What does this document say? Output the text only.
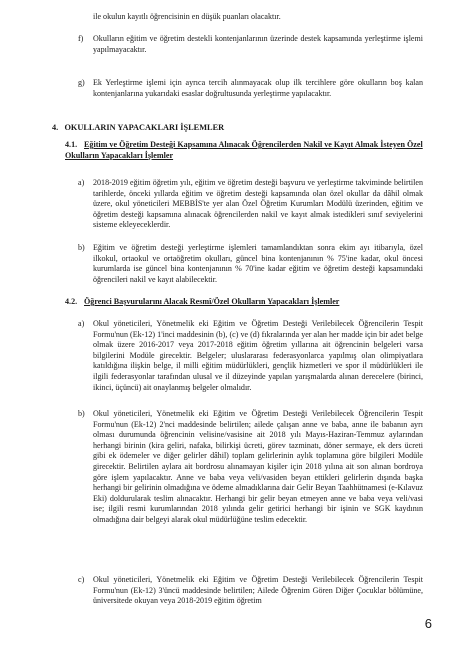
ile okulun kayıtlı öğrencisinin en düşük puanları olacaktır.

f) Okulların eğitim ve öğretim destekli kontenjanlarının üzerinde destek kapsamında yerleştirme işlemi yapılmayacaktır.

g) Ek Yerleştirme işlemi için ayrıca tercih alınmayacak olup ilk tercihlere göre okulların boş kalan kontenjanlarına yukarıdaki esaslar doğrultusunda yerleştirme yapılacaktır.

4.   OKULLARIN YAPACAKLARI İŞLEMLER

4.1. Eğitim ve Öğretim Desteği Kapsamına Alınacak Öğrencilerden Nakil ve Kayıt Almak İsteyen Özel Okulların Yapacakları İşlemler

a) 2018-2019 eğitim öğretim yılı, eğitim ve öğretim desteği başvuru ve yerleştirme takviminde belirtilen tarihlerde, önceki yıllarda eğitim ve öğretim desteği kapsamında olan özel okullar da dâhil olmak üzere, okul yöneticileri MEBBİS'te yer alan Özel Öğretim Kurumları Modülü üzerinden, eğitim ve öğretim desteği kapsamına alınacak öğrencilerden nakil ve kayıt almak istedikleri sınıf seviyelerini sisteme ekleyeceklerdir.

b) Eğitim ve öğretim desteği yerleştirme işlemleri tamamlandıktan sonra ekim ayı itibarıyla, özel ilkokul, ortaokul ve ortaöğretim okulları, güncel bina kontenjanının % 75'ine kadar, okul öncesi kurumlarda ise güncel bina kontenjanının % 70'ine kadar eğitim ve öğretim desteği kapsamındaki öğrencileri nakil ve kayıt alabilecektir.

4.2. Öğrenci Başvurularını Alacak Resmî/Özel Okulların Yapacakları İşlemler

a) Okul yöneticileri, Yönetmelik eki Eğitim ve Öğretim Desteği Verilebilecek Öğrencilerin Tespit Formu'nun (Ek-12) 1'inci maddesinin (b), (c) ve (d) fıkralarında yer alan her madde için bir adet belge olmak üzere 2016-2017 veya 2017-2018 eğitim öğretim yıllarına ait öğrencinin belgeleri varsa bilgilerini Modüle girecektir. Belgeler; uluslararası federasyonlarca yapılmış olan olimpiyatlara katıldığına ilişkin belge, il milli eğitim müdürlükleri, gençlik hizmetleri ve spor il müdürlükleri ile ilgili federasyonlar tarafından ulusal ve il düzeyinde yapılan yarışmalarda alınan derecelere (birinci, ikinci, üçüncü) ait onaylanmış belgeler olmalıdır.

b) Okul yöneticileri, Yönetmelik eki Eğitim ve Öğretim Desteği Verilebilecek Öğrencilerin Tespit Formu'nun (Ek-12) 2'nci maddesinde belirtilen; ailede çalışan anne ve baba, anne ile babanın ayrı olması durumunda öğrencinin velisine/vasisine ait 2018 yılı Mayıs-Haziran-Temmuz aylarından herhangi birinin (kira geliri, nafaka, bilirkişi ücreti, görev tazminatı, döner sermaye, ek ders ücreti gibi ek ödemeler ve diğer gelirler dâhil) toplam gelirlerinin aylık toplamına göre bilgileri Modüle girecektir. Belirtilen aylara ait bordrosu alınamayan kişiler için 2018 yılına ait son alınan bordroya göre işlem yapılacaktır. Anne ve baba veya veli/vasiden beyan ettikleri gelirlerin dışında başka herhangi bir gelirinin olmadığına ve ödeme almadıklarına dair Gelir Beyan Taahhütnamesi (e-Kılavuz Eki) doldurularak teslim alınacaktır. Herhangi bir gelir beyan etmeyen anne ve baba veya veli/vasi ise; ilgili resmi kurumlarından 2018 yılında gelir getirici herhangi bir işinin ve SGK kaydının olmadığına dair belgeyi alarak okul müdürlüğüne teslim edecektir.

c) Okul yöneticileri, Yönetmelik eki Eğitim ve Öğretim Desteği Verilebilecek Öğrencilerin Tespit Formu'nun (Ek-12) 3'üncü maddesinde belirtilen; Ailede Öğrenim Gören Diğer Çocuklar bölümüne, üniversitede okuyan veya 2018-2019 eğitim öğretim

6
